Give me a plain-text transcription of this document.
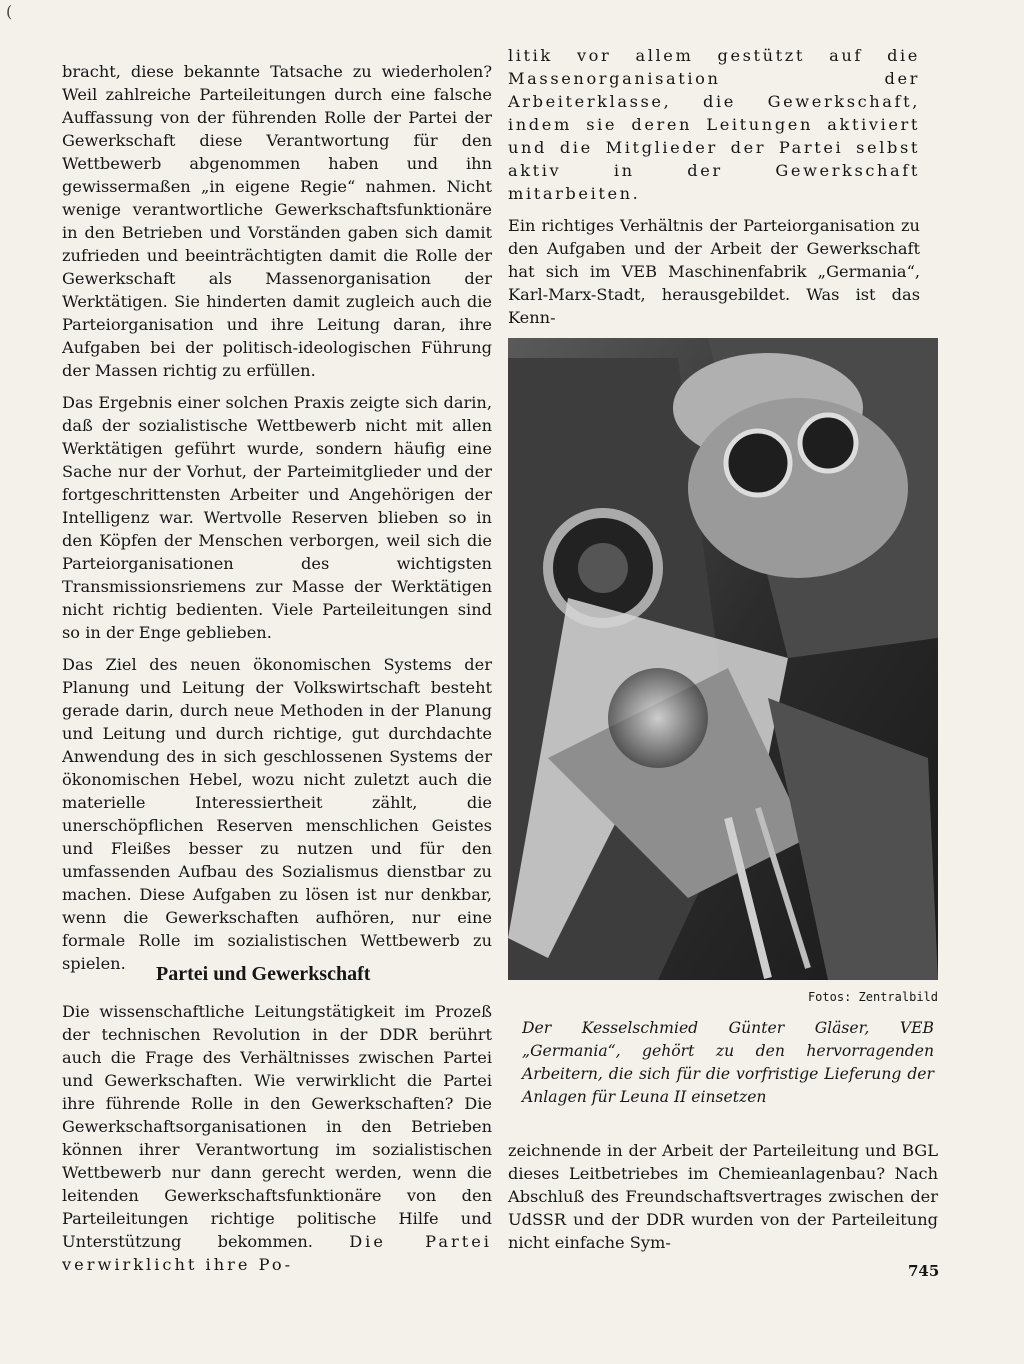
(

bracht, diese bekannte Tatsache zu wiederholen? Weil zahlreiche Parteileitungen durch eine falsche Auffassung von der führenden Rolle der Partei der Gewerkschaft diese Verantwortung für den Wettbewerb abgenommen haben und ihn gewissermaßen „in eigene Regie“ nahmen. Nicht wenige verantwortliche Gewerkschaftsfunktionäre in den Betrieben und Vorständen gaben sich damit zufrieden und beeinträchtigten damit die Rolle der Gewerkschaft als Massenorganisation der Werktätigen. Sie hinderten damit zugleich auch die Parteiorganisation und ihre Leitung daran, ihre Aufgaben bei der politisch-ideologischen Führung der Massen richtig zu erfüllen.

Das Ergebnis einer solchen Praxis zeigte sich darin, daß der sozialistische Wettbewerb nicht mit allen Werktätigen geführt wurde, sondern häufig eine Sache nur der Vorhut, der Parteimitglieder und der fortgeschrittensten Arbeiter und Angehörigen der Intelligenz war. Wertvolle Reserven blieben so in den Köpfen der Menschen verborgen, weil sich die Parteiorganisationen des wichtigsten Transmissionsriemens zur Masse der Werktätigen nicht richtig bedienten. Viele Parteileitungen sind so in der Enge geblieben.

Das Ziel des neuen ökonomischen Systems der Planung und Leitung der Volkswirtschaft besteht gerade darin, durch neue Methoden in der Planung und Leitung und durch richtige, gut durchdachte Anwendung des in sich geschlossenen Systems der ökonomischen Hebel, wozu nicht zuletzt auch die materielle Interessiertheit zählt, die unerschöpflichen Reserven menschlichen Geistes und Fleißes besser zu nutzen und für den umfassenden Aufbau des Sozialismus dienstbar zu machen. Diese Aufgaben zu lösen ist nur denkbar, wenn die Gewerkschaften aufhören, nur eine formale Rolle im sozialistischen Wettbewerb zu spielen.	Partei und Gewerkschaft

Die wissenschaftliche Leitungstätigkeit im Prozeß der technischen Revolution in der DDR berührt auch die Frage des Verhältnisses zwischen Partei und Gewerkschaften. Wie verwirklicht die Partei ihre führende Rolle in den Gewerkschaften? Die Gewerkschaftsorganisationen in den Betrieben können ihrer Verantwortung im sozialistischen Wettbewerb nur dann gerecht werden, wenn die leitenden Gewerkschaftsfunktionäre von den Parteileitungen richtige politische Hilfe und Unterstützung bekommen. Die Partei verwirklicht ihre Po-

litik vor allem gestützt auf die Massenorganisation der Arbeiterklasse, die Gewerkschaft, indem sie deren Leitungen aktiviert und die Mitglieder der Partei selbst aktiv in der Gewerkschaft mitarbeiten.

Ein richtiges Verhältnis der Parteiorganisation zu den Aufgaben und der Arbeit der Gewerkschaft hat sich im VEB Maschinenfabrik „Germania“, Karl-Marx-Stadt, herausgebildet. Was ist das Kenn-

Fotos: Zentralbild
Der Kesselschmied Günter Gläser, VEB „Germania“, gehört zu den hervorragenden Arbeitern, die sich für die vorfristige Lieferung der Anlagen für Leuna II einsetzen

zeichnende in der Arbeit der Parteileitung und BGL dieses Leitbetriebes im Chemieanlagenbau? Nach Abschluß des Freundschaftsvertrages zwischen der UdSSR und der DDR wurden von der Parteileitung nicht einfache Sym-

745
